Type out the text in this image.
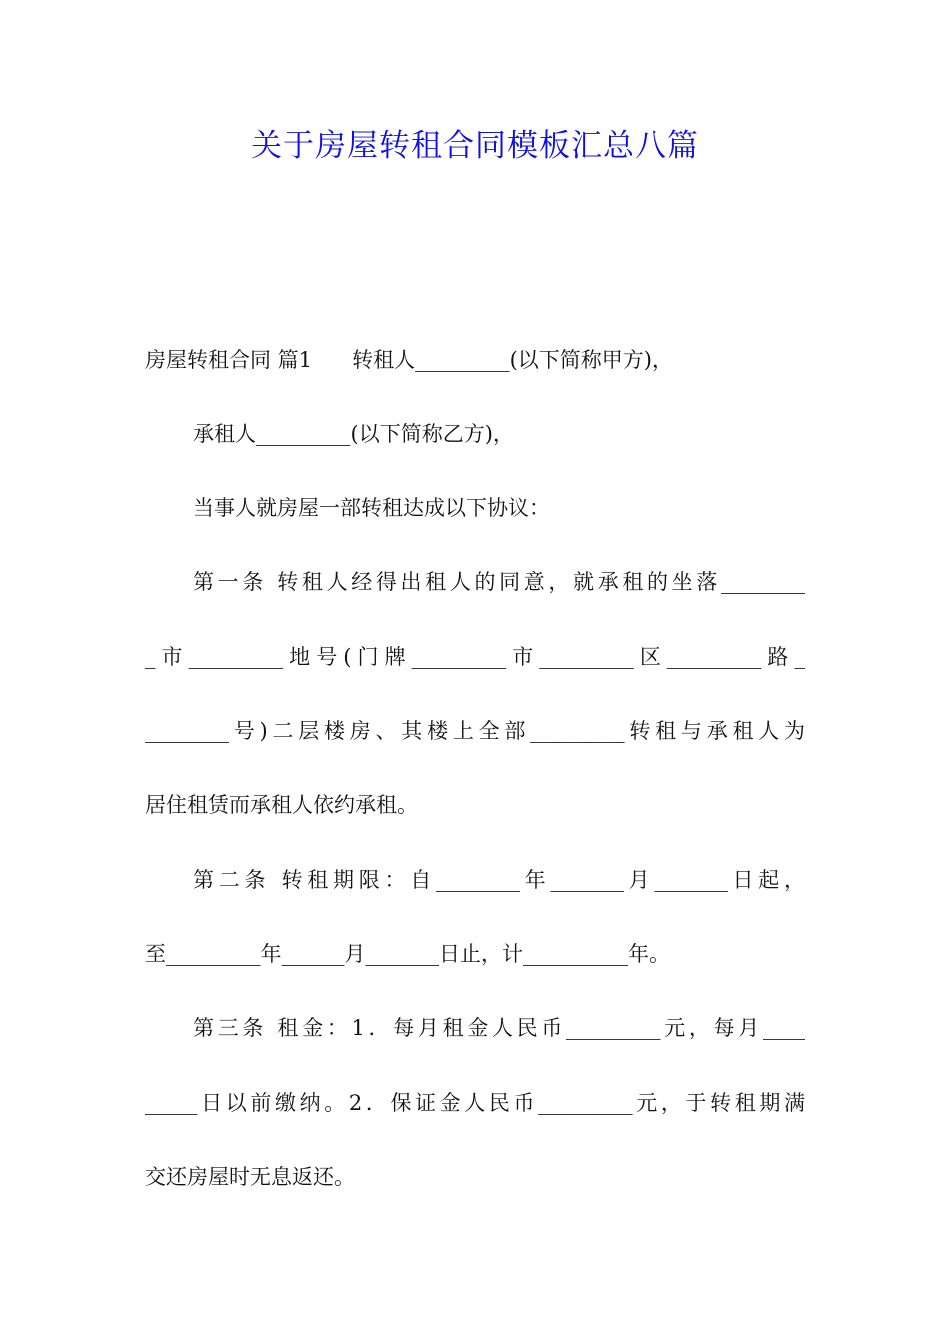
关于房屋转租合同模板汇总八篇
房屋转租合同 篇1      转租人_________(以下简称甲方)，
承租人_________(以下简称乙方)，
当事人就房屋一部转租达成以下协议：
第一条 转租人经得出租人的同意，就承租的坐落________
_市_________地号(门牌_________市_________区_________路_
________号)二层楼房、其楼上全部_________转租与承租人为
居住租赁而承租人依约承租。
第二条 转租期限：自________年_______月_______日起，
至_________年______月_______日止，计__________年。
第三条 租金：1．每月租金人民币_________元，每月____
_____日以前缴纳。2．保证金人民币_________元，于转租期满
交还房屋时无息返还。
